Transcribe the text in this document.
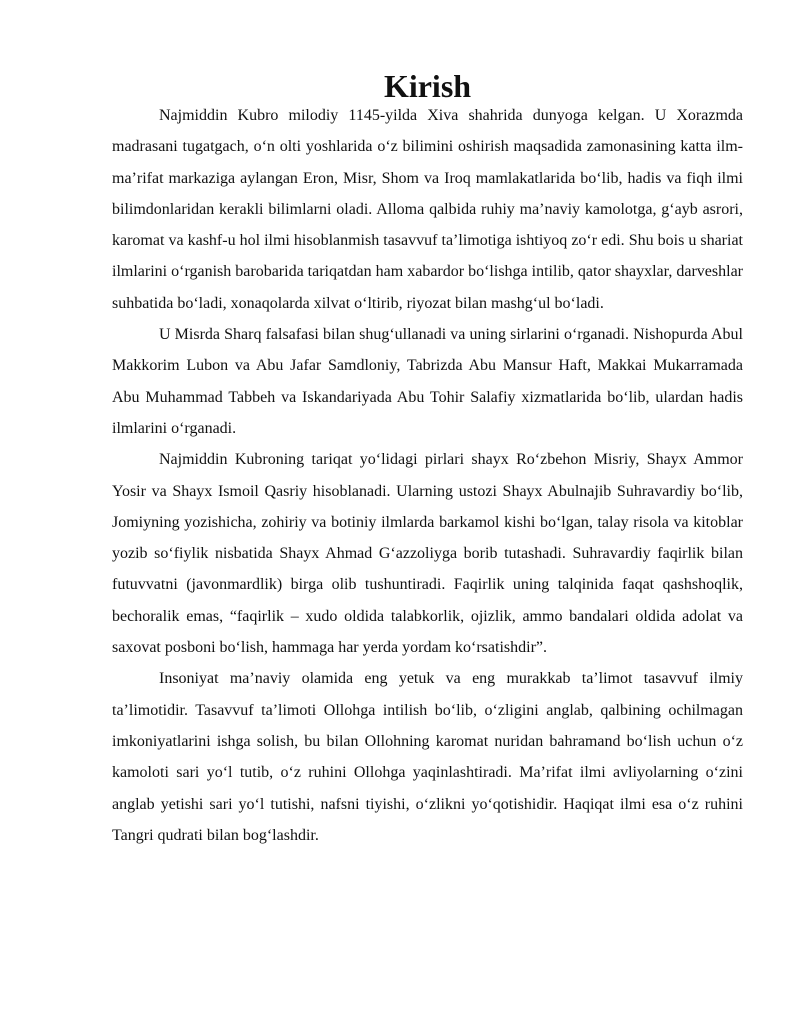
Kirish

Najmiddin Kubro milodiy 1145-yilda Xiva shahrida dunyoga kelgan. U Xorazmda madrasani tugatgach, o‘n olti yoshlarida o‘z bilimini oshirish maqsadida zamonasining katta ilm-ma’rifat markaziga aylangan Eron, Misr, Shom va Iroq mamlakatlarida bo‘lib, hadis va fiqh ilmi bilimdonlaridan kerakli bilimlarni oladi. Alloma qalbida ruhiy ma’naviy kamolotga, g‘ayb asrori, karomat va kashf-u hol ilmi hisoblanmish tasavvuf ta’limotiga ishtiyoq zo‘r edi. Shu bois u shariat ilmlarini o‘rganish barobarida tariqatdan ham xabardor bo‘lishga intilib, qator shayxlar, darveshlar suhbatida bo‘ladi, xonaqolarda xilvat o‘ltirib, riyozat bilan mashg‘ul bo‘ladi.

U Misrda Sharq falsafasi bilan shug‘ullanadi va uning sirlarini o‘rganadi. Nishopurda Abul Makkorim Lubon va Abu Jafar Samdloniy, Tabrizda Abu Mansur Haft, Makkai Mukarramada Abu Muhammad Tabbeh va Iskandariyada Abu Tohir Salafiy xizmatlarida bo‘lib, ulardan hadis ilmlarini o‘rganadi.

Najmiddin Kubroning tariqat yo‘lidagi pirlari shayx Ro‘zbehon Misriy, Shayx Ammor Yosir va Shayx Ismoil Qasriy hisoblanadi. Ularning ustozi Shayx Abulnajib Suhravardiy bo‘lib, Jomiyning yozishicha, zohiriy va botiniy ilmlarda barkamol kishi bo‘lgan, talay risola va kitoblar yozib so‘fiylik nisbatida Shayx Ahmad G‘azzoliyga borib tutashadi. Suhravardiy faqirlik bilan futuvvatni (javonmardlik) birga olib tushuntiradi. Faqirlik uning talqinida faqat qashshoqlik, bechoralik emas, “faqirlik – xudo oldida talabkorlik, ojizlik, ammo bandalari oldida adolat va saxovat posboni bo‘lish, hammaga har yerda yordam ko‘rsatishdir”.

Insoniyat ma’naviy olamida eng yetuk va eng murakkab ta’limot tasavvuf ilmiy ta’limotidir. Tasavvuf ta’limoti Ollohga intilish bo‘lib, o‘zligini anglab, qalbining ochilmagan imkoniyatlarini ishga solish, bu bilan Ollohning karomat nuridan bahramand bo‘lish uchun o‘z kamoloti sari yo‘l tutib, o‘z ruhini Ollohga yaqinlashtiradi. Ma’rifat ilmi avliyolarning o‘zini anglab yetishi sari yo‘l tutishi, nafsni tiyishi, o‘zlikni yo‘qotishidir. Haqiqat ilmi esa o‘z ruhini Tangri qudrati bilan bog‘lashdir.
